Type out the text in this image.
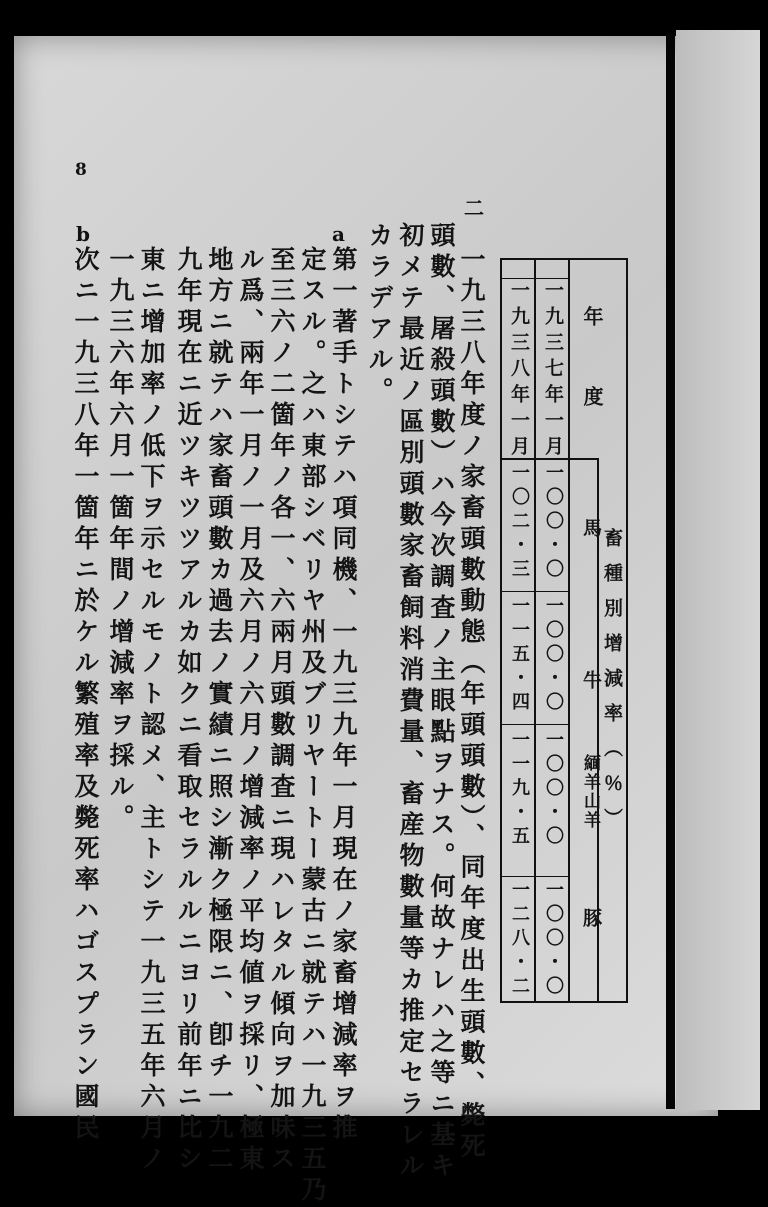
8
二
a
b
一九三八年度ノ家畜頭數動態（年頭頭數）、同年度出生頭數、斃死
頭數、屠殺頭數）ハ今次調査ノ主眼點ヲナス。何故ナレハ之等ニ基キ
初メテ最近ノ區別頭數家畜飼料消費量、畜産物數量等カ推定セラレル
カラデアル。
第一著手トシテハ項同機、一九三九年一月現在ノ家畜增減率ヲ推
定スル。之ハ東部シベリヤ州及ブリヤートー蒙古ニ就テハ一九三五乃
至三六ノ二箇年ノ各一、六兩月頭數調査ニ現ハレタル傾向ヲ加味ス
ル爲、兩年一月ノ一月及六月ノ六月ノ增減率ノ平均値ヲ採リ、極東
地方ニ就テハ家畜頭數カ過去ノ實績ニ照シ漸ク極限ニ、卽チ一九二
九年現在ニ近ツキツツアルカ如クニ看取セラルルニヨリ前年ニ比シ
東ニ增加率ノ低下ヲ示セルモノト認メ、主トシテ一九三五年六月ノ
一九三六年六月一箇年間ノ增減率ヲ採ル。
次ニ一九三八年一箇年ニ於ケル繁殖率及斃死率ハゴスプラン國民	畜種別增減率（％）
年度
馬
牛
緬羊山羊
豚
一九三七年一月
一九三八年一月
一〇〇・〇
一〇〇・〇
一〇〇・〇
一〇〇・〇
一〇二・三
一一五・四
一一九・五
一二八・二
